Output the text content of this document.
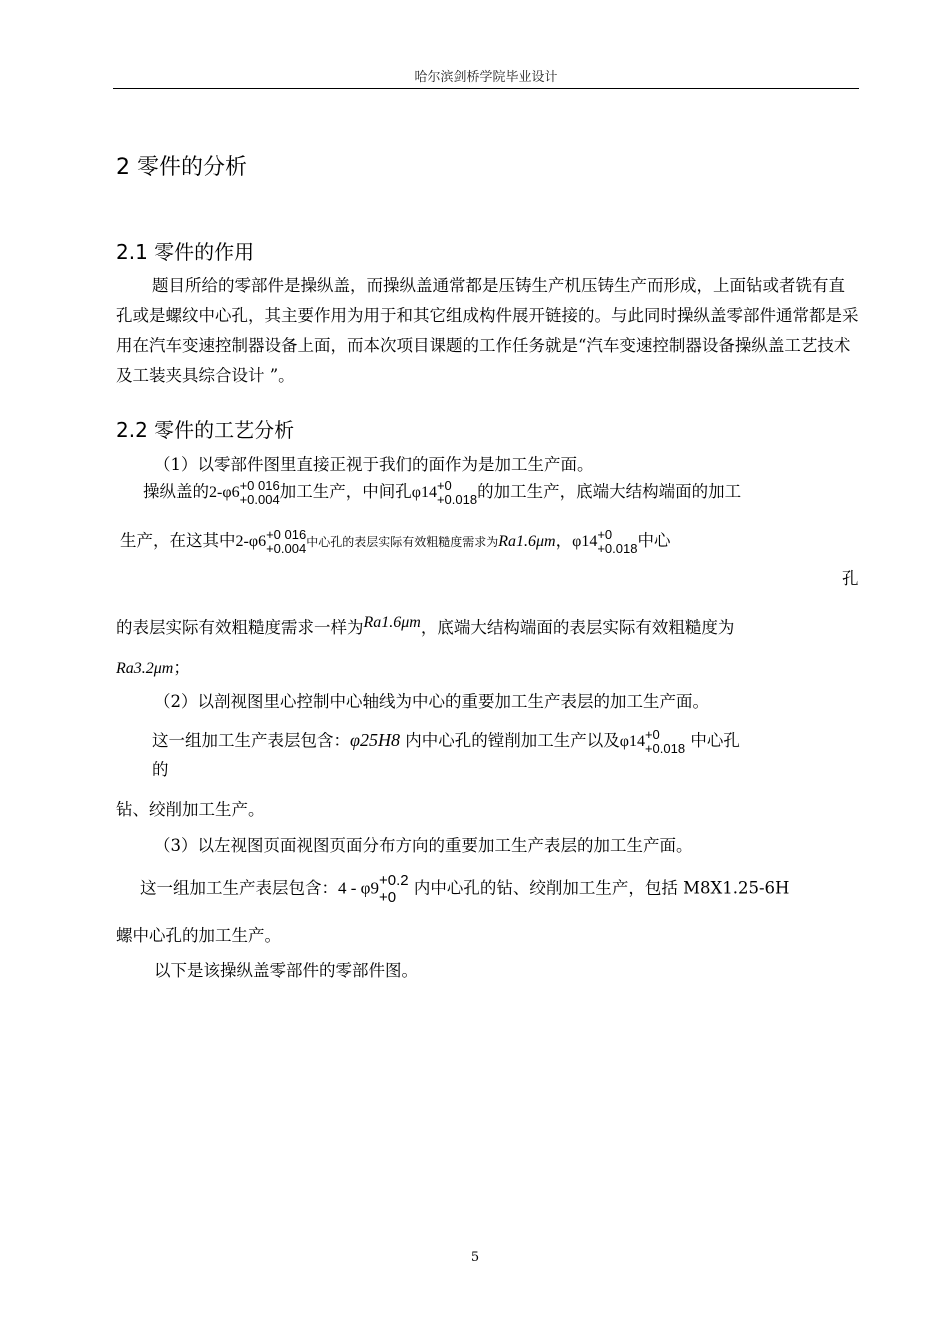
哈尔滨剑桥学院毕业设计
2 零件的分析
2.1 零件的作用
题目所给的零部件是操纵盖，而操纵盖通常都是压铸生产机压铸生产而形成，上面钻或者铣有直孔或是螺纹中心孔，其主要作用为用于和其它组成构件展开链接的。与此同时操纵盖零部件通常都是采用在汽车变速控制器设备上面，而本次项目课题的工作任务就是“汽车变速控制器设备操纵盖工艺技术及工装夹具综合设计 ”。
2.2 零件的工艺分析
（1）以零部件图里直接正视于我们的面作为是加工生产面。
操纵盖的2-φ6 +0 016
+0.004 加工生产，中间孔φ14 +0
+0.018 的加工生产，底端大结构端面的加工
生产，在这其中2-φ6 +0 016
+0.004 中心孔的表层实际有效粗糙度需求为Ra1.6μm，φ14 +0
+0.018 中心
孔
的表层实际有效粗糙度需求一样为Ra1.6μm，底端大结构端面的表层实际有效粗糙度为
Ra3.2μm；
（2）以剖视图里心控制中心轴线为中心的重要加工生产表层的加工生产面。
这一组加工生产表层包含：φ25H8 内中心孔的镗削加工生产以及φ14 +0
+0.018 中心孔
的
钻、绞削加工生产。
（3）以左视图页面视图页面分布方向的重要加工生产表层的加工生产面。
这一组加工生产表层包含：4 - φ9 +0.2
+0	内中心孔的钻、绞削加工生产，包括 M8X1.25-6H
螺中心孔的加工生产。
以下是该操纵盖零部件的零部件图。
5
